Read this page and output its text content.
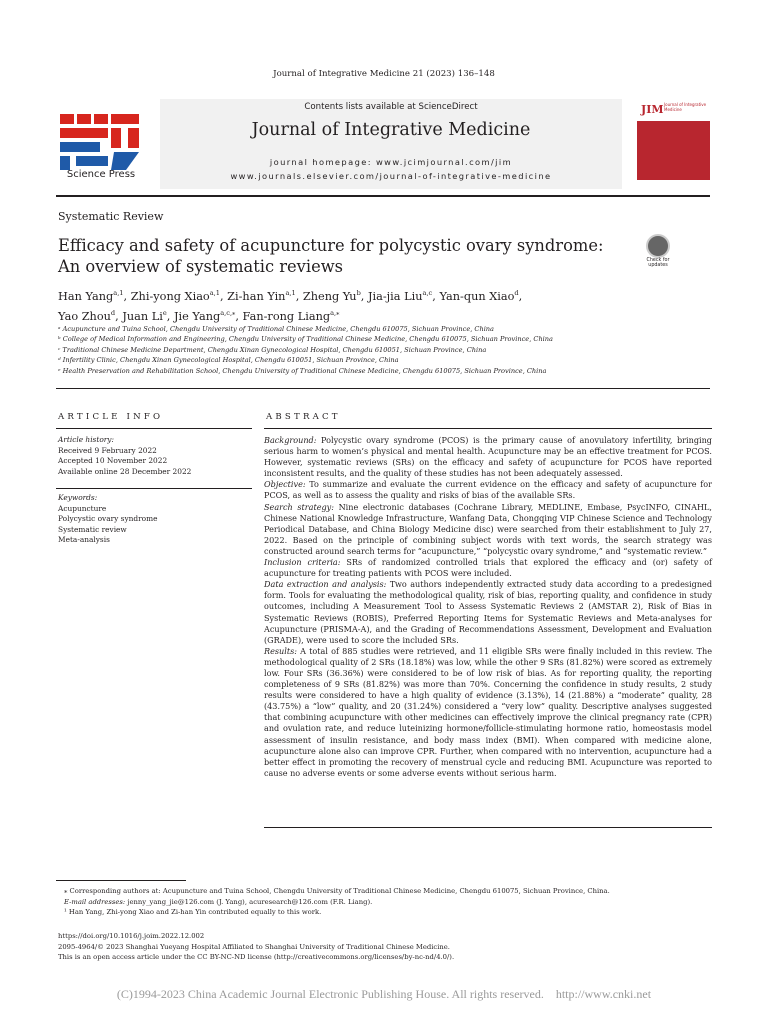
Journal of Integrative Medicine 21 (2023) 136–148
Science Press
Contents lists available at ScienceDirect
Journal of Integrative Medicine
journal homepage: www.jcimjournal.com/jim
www.journals.elsevier.com/journal-of-integrative-medicine
JIM Journal of Integrative Medicine
Systematic Review
Efficacy and safety of acupuncture for polycystic ovary syndrome:
An overview of systematic reviews	Check for updates
Han Yang$^{a,1}$, Zhi-yong Xiao$^{a,1}$, Zi-han Yin$^{a,1}$, Zheng Yu$^b$, Jia-jia Liu$^{a,c}$, Yan-qun Xiao$^d$,
Yao Zhou$^d$, Juan Li$^e$, Jie Yang$^{a,c,⁎}$, Fan-rong Liang$^{a,⁎}$
ᵃ Acupuncture and Tuina School, Chengdu University of Traditional Chinese Medicine, Chengdu 610075, Sichuan Province, China
ᵇ College of Medical Information and Engineering, Chengdu University of Traditional Chinese Medicine, Chengdu 610075, Sichuan Province, China
ᶜ Traditional Chinese Medicine Department, Chengdu Xinan Gynecological Hospital, Chengdu 610051, Sichuan Province, China
ᵈ Infertility Clinic, Chengdu Xinan Gynecological Hospital, Chengdu 610051, Sichuan Province, China
ᵉ Health Preservation and Rehabilitation School, Chengdu University of Traditional Chinese Medicine, Chengdu 610075, Sichuan Province, China
ARTICLE INFO	ABSTRACT
Article history:
Received 9 February 2022
Accepted 10 November 2022
Available online 28 December 2022
Keywords:
Acupuncture
Polycystic ovary syndrome
Systematic review
Meta-analysis

Background: Polycystic ovary syndrome (PCOS) is the primary cause of anovulatory infertility, bringing serious harm to women’s physical and mental health. Acupuncture may be an effective treatment for PCOS. However, systematic reviews (SRs) on the efficacy and safety of acupuncture for PCOS have reported inconsistent results, and the quality of these studies has not been adequately assessed.

Objective: To summarize and evaluate the current evidence on the efficacy and safety of acupuncture for PCOS, as well as to assess the quality and risks of bias of the available SRs.

Search strategy: Nine electronic databases (Cochrane Library, MEDLINE, Embase, PsycINFO, CINAHL, Chinese National Knowledge Infrastructure, Wanfang Data, Chongqing VIP Chinese Science and Technology Periodical Database, and China Biology Medicine disc) were searched from their establishment to July 27, 2022. Based on the principle of combining subject words with text words, the search strategy was constructed around search terms for “acupuncture,” “polycystic ovary syndrome,” and “systematic review.”

Inclusion criteria: SRs of randomized controlled trials that explored the efficacy and (or) safety of acupuncture for treating patients with PCOS were included.

Data extraction and analysis: Two authors independently extracted study data according to a predesigned form. Tools for evaluating the methodological quality, risk of bias, reporting quality, and confidence in study outcomes, including A Measurement Tool to Assess Systematic Reviews 2 (AMSTAR 2), Risk of Bias in Systematic Reviews (ROBIS), Preferred Reporting Items for Systematic Reviews and Meta-analyses for Acupuncture (PRISMA-A), and the Grading of Recommendations Assessment, Development and Evaluation (GRADE), were used to score the included SRs.

Results: A total of 885 studies were retrieved, and 11 eligible SRs were finally included in this review. The methodological quality of 2 SRs (18.18%) was low, while the other 9 SRs (81.82%) were scored as extremely low. Four SRs (36.36%) were considered to be of low risk of bias. As for reporting quality, the reporting completeness of 9 SRs (81.82%) was more than 70%. Concerning the confidence in study results, 2 study results were considered to have a high quality of evidence (3.13%), 14 (21.88%) a “moderate” quality, 28 (43.75%) a “low” quality, and 20 (31.24%) considered a “very low” quality. Descriptive analyses suggested that combining acupuncture with other medicines can effectively improve the clinical pregnancy rate (CPR) and ovulation rate, and reduce luteinizing hormone/follicle-stimulating hormone ratio, homeostasis model assessment of insulin resistance, and body mass index (BMI). When compared with medicine alone, acupuncture alone also can improve CPR. Further, when compared with no intervention, acupuncture had a better effect in promoting the recovery of menstrual cycle and reducing BMI. Acupuncture was reported to cause no adverse events or some adverse events without serious harm.

⁎ Corresponding authors at: Acupuncture and Tuina School, Chengdu University of Traditional Chinese Medicine, Chengdu 610075, Sichuan Province, China.

E-mail addresses: jenny_yang_jie@126.com (J. Yang), acuresearch@126.com (F.R. Liang).

¹ Han Yang, Zhi-yong Xiao and Zi-han Yin contributed equally to this work.

https://doi.org/10.1016/j.joim.2022.12.002

2095-4964/© 2023 Shanghai Yueyang Hospital Affiliated to Shanghai University of Traditional Chinese Medicine.

This is an open access article under the CC BY-NC-ND license (http://creativecommons.org/licenses/by-nc-nd/4.0/).

(C)1994-2023 China Academic Journal Electronic Publishing House. All rights reserved.    http://www.cnki.net
